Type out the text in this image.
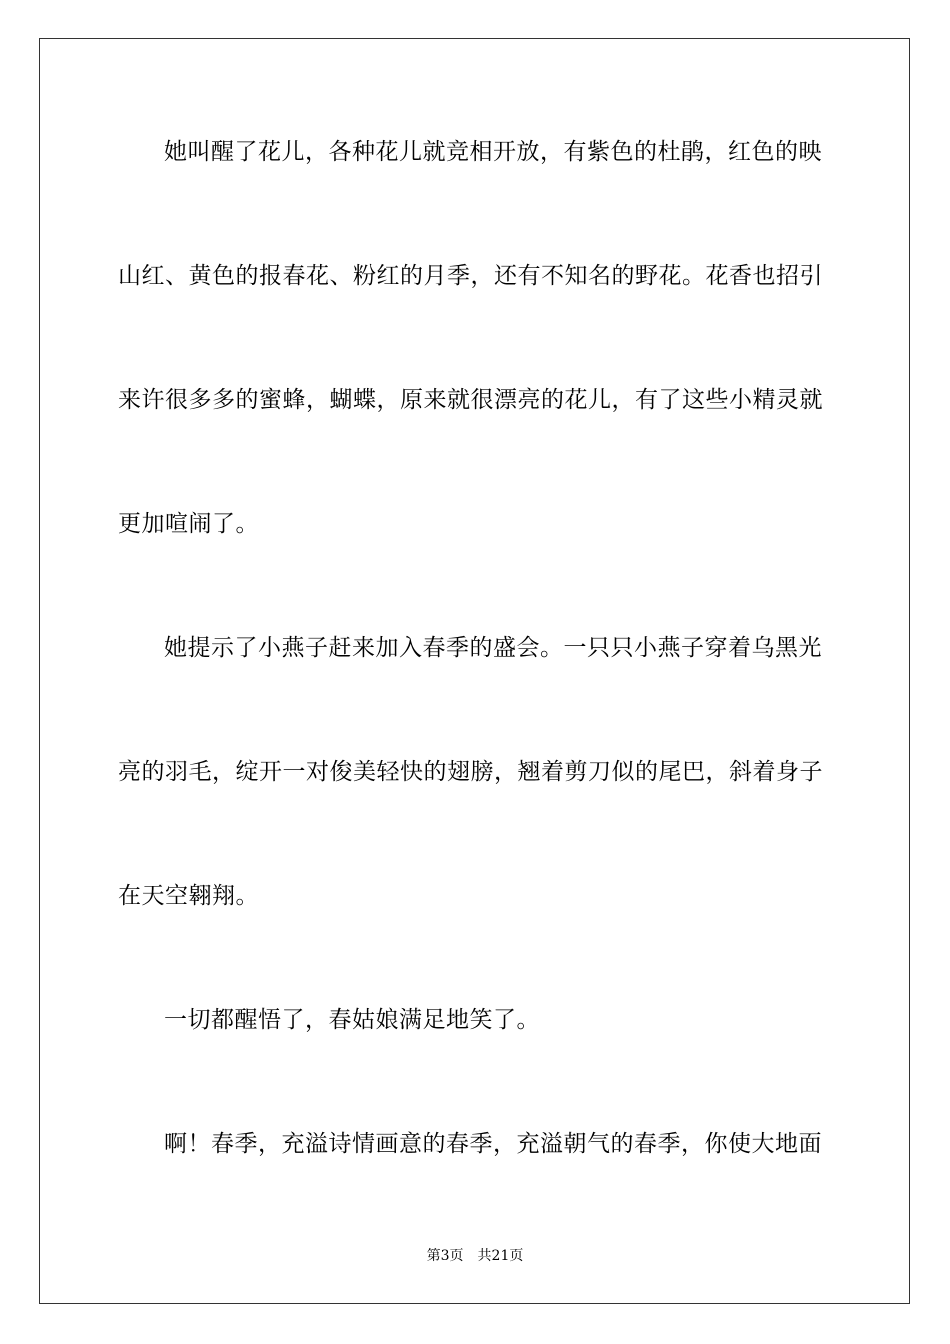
她叫醒了花儿，各种花儿就竞相开放，有紫色的杜鹃，红色的映
山红、黄色的报春花、粉红的月季，还有不知名的野花。花香也招引
来许很多多的蜜蜂，蝴蝶，原来就很漂亮的花儿，有了这些小精灵就
更加喧闹了。
她提示了小燕子赶来加入春季的盛会。一只只小燕子穿着乌黑光
亮的羽毛，绽开一对俊美轻快的翅膀，翘着剪刀似的尾巴，斜着身子
在天空翱翔。
一切都醒悟了，春姑娘满足地笑了。
啊！春季，充溢诗情画意的春季，充溢朝气的春季，你使大地面
第3页 共21页
